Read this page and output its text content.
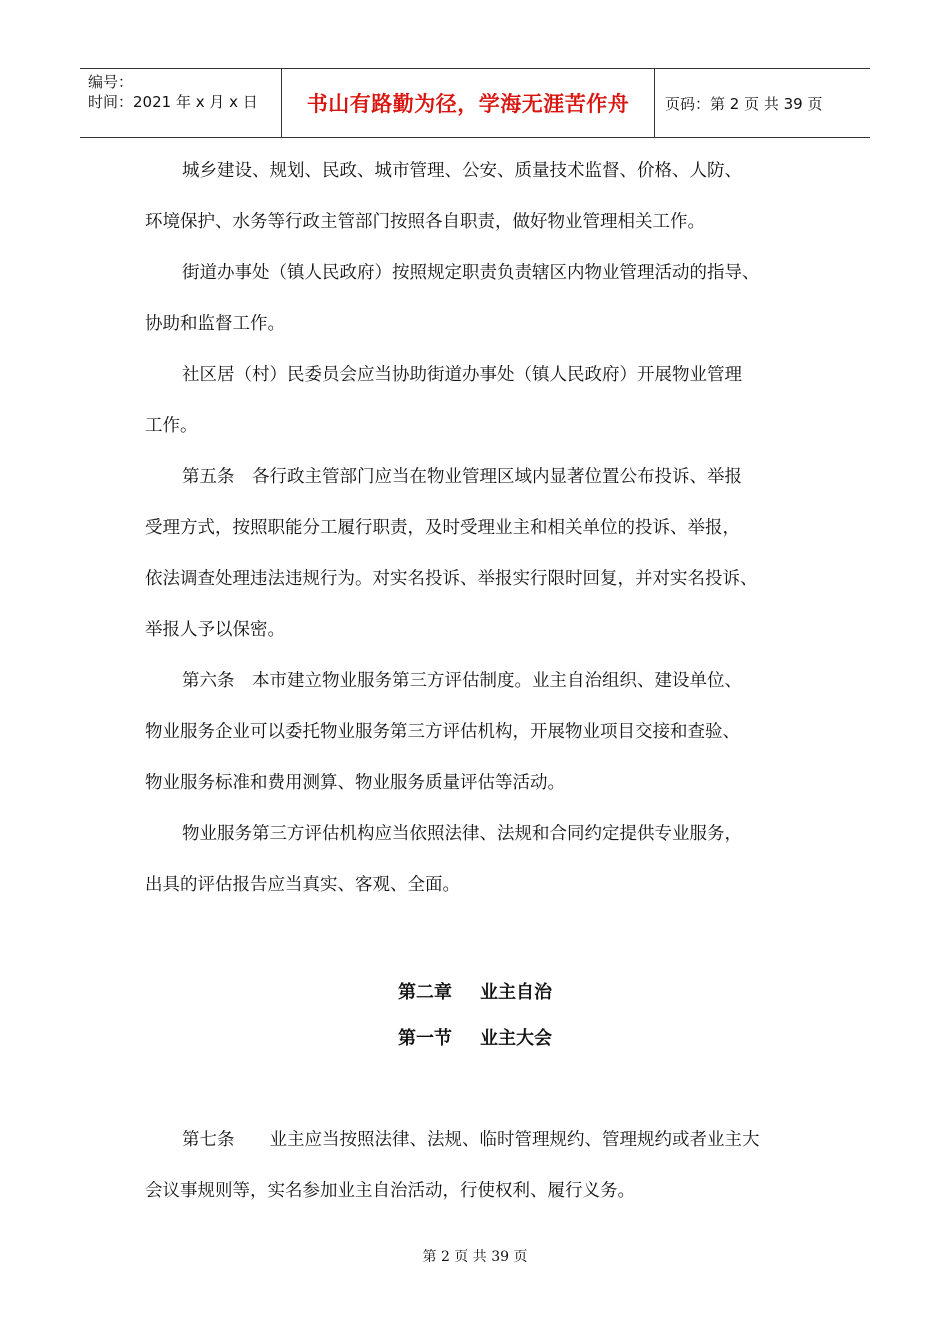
编号：
时间：2021 年 x 月 x 日	书山有路勤为径，学海无涯苦作舟	页码：第 2 页 共 39 页
城乡建设、规划、民政、城市管理、公安、质量技术监督、价格、人防、
环境保护、水务等行政主管部门按照各自职责，做好物业管理相关工作。
街道办事处（镇人民政府）按照规定职责负责辖区内物业管理活动的指导、
协助和监督工作。
社区居（村）民委员会应当协助街道办事处（镇人民政府）开展物业管理
工作。
第五条　各行政主管部门应当在物业管理区域内显著位置公布投诉、举报
受理方式，按照职能分工履行职责，及时受理业主和相关单位的投诉、举报，
依法调查处理违法违规行为。对实名投诉、举报实行限时回复，并对实名投诉、
举报人予以保密。
第六条　本市建立物业服务第三方评估制度。业主自治组织、建设单位、
物业服务企业可以委托物业服务第三方评估机构，开展物业项目交接和查验、
物业服务标准和费用测算、物业服务质量评估等活动。
物业服务第三方评估机构应当依照法律、法规和合同约定提供专业服务，
出具的评估报告应当真实、客观、全面。
第二章 业主自治
第一节 业主大会
第七条　　业主应当按照法律、法规、临时管理规约、管理规约或者业主大
会议事规则等，实名参加业主自治活动，行使权利、履行义务。
第 2 页 共 39 页
